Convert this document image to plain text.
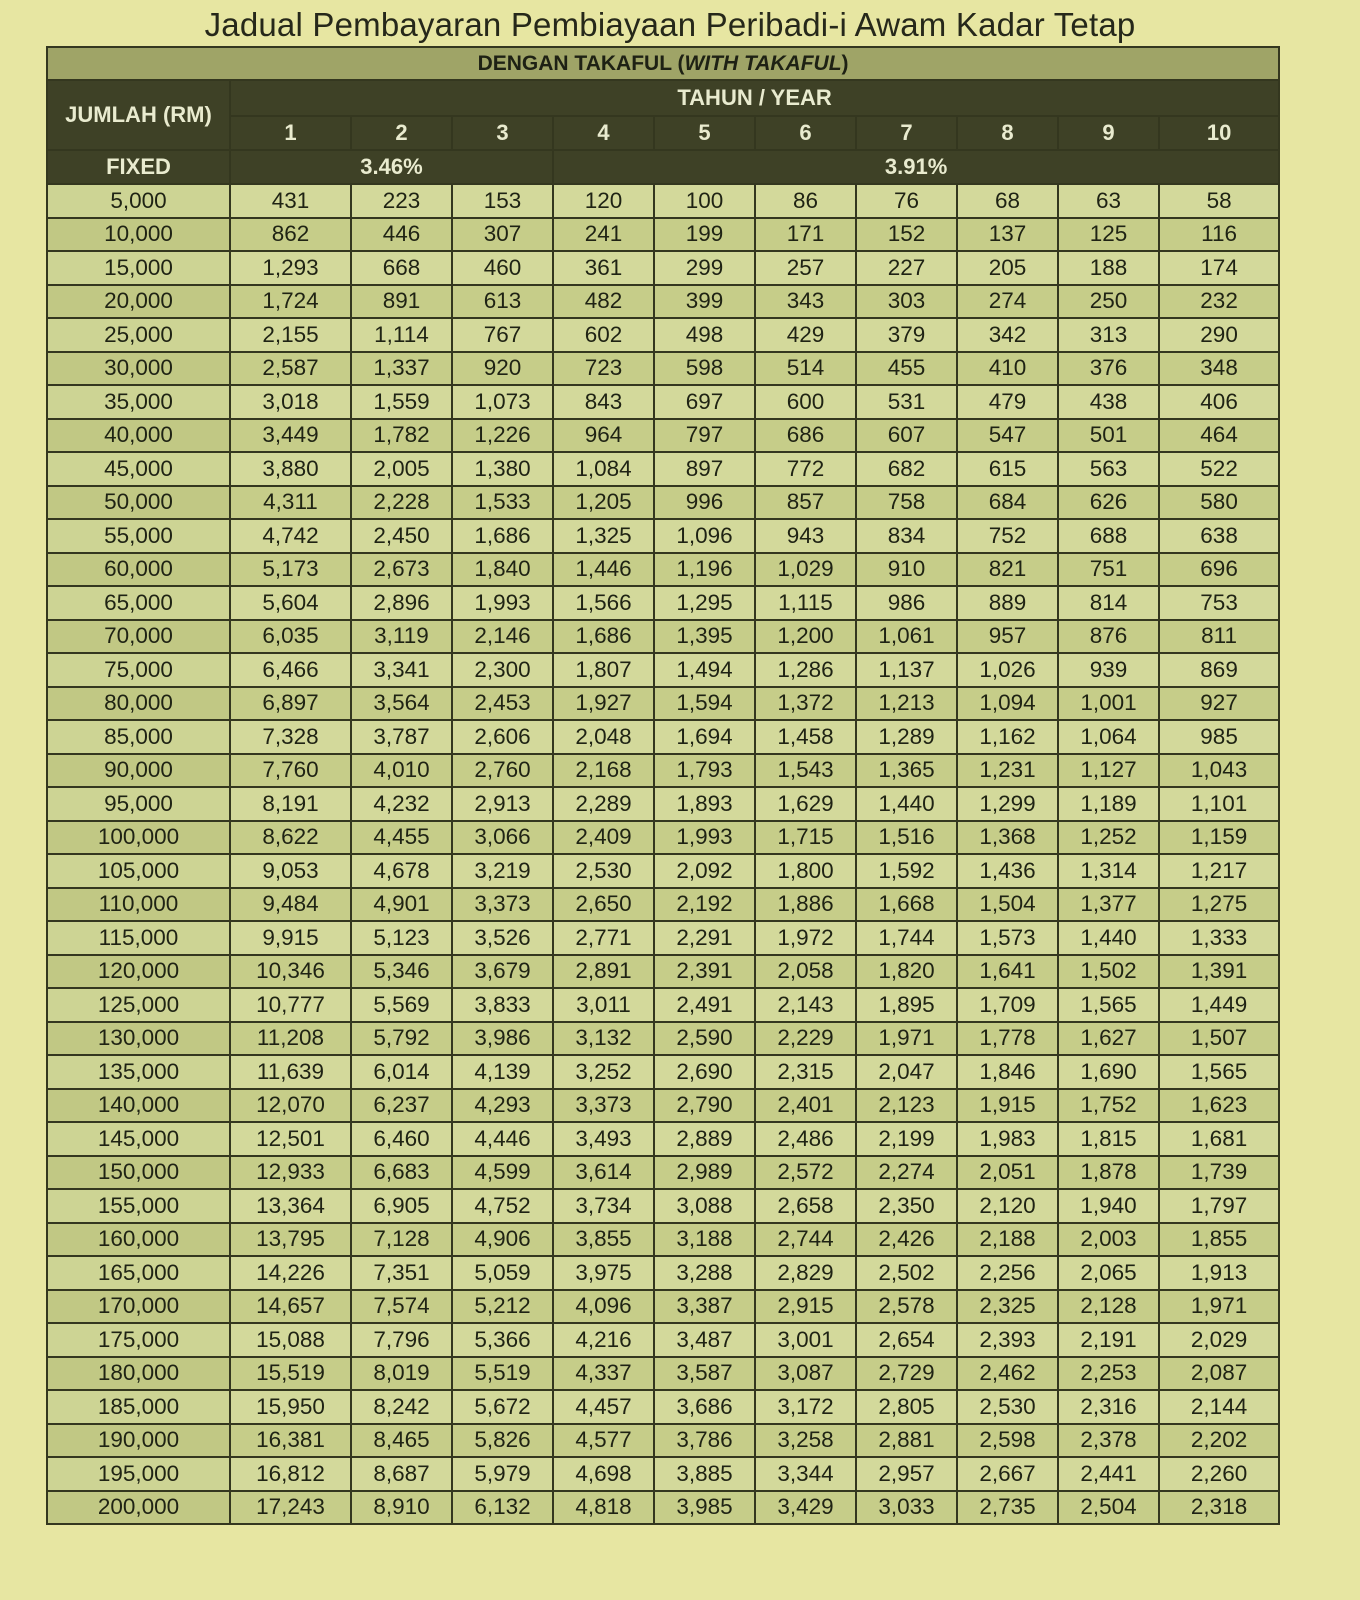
Jadual Pembayaran Pembiayaan Peribadi-i Awam Kadar Tetap
DENGAN TAKAFUL (WITH TAKAFUL)										
JUMLAH (RM)	TAHUN / YEAR									
	1	2	3	4	5	6	7	8	9	10
FIXED	3.46%			3.91%						
5,000	431	223	153	120	100	86	76	68	63	58
10,000	862	446	307	241	199	171	152	137	125	116
15,000	1,293	668	460	361	299	257	227	205	188	174
20,000	1,724	891	613	482	399	343	303	274	250	232
25,000	2,155	1,114	767	602	498	429	379	342	313	290
30,000	2,587	1,337	920	723	598	514	455	410	376	348
35,000	3,018	1,559	1,073	843	697	600	531	479	438	406
40,000	3,449	1,782	1,226	964	797	686	607	547	501	464
45,000	3,880	2,005	1,380	1,084	897	772	682	615	563	522
50,000	4,311	2,228	1,533	1,205	996	857	758	684	626	580
55,000	4,742	2,450	1,686	1,325	1,096	943	834	752	688	638
60,000	5,173	2,673	1,840	1,446	1,196	1,029	910	821	751	696
65,000	5,604	2,896	1,993	1,566	1,295	1,115	986	889	814	753
70,000	6,035	3,119	2,146	1,686	1,395	1,200	1,061	957	876	811
75,000	6,466	3,341	2,300	1,807	1,494	1,286	1,137	1,026	939	869
80,000	6,897	3,564	2,453	1,927	1,594	1,372	1,213	1,094	1,001	927
85,000	7,328	3,787	2,606	2,048	1,694	1,458	1,289	1,162	1,064	985
90,000	7,760	4,010	2,760	2,168	1,793	1,543	1,365	1,231	1,127	1,043
95,000	8,191	4,232	2,913	2,289	1,893	1,629	1,440	1,299	1,189	1,101
100,000	8,622	4,455	3,066	2,409	1,993	1,715	1,516	1,368	1,252	1,159
105,000	9,053	4,678	3,219	2,530	2,092	1,800	1,592	1,436	1,314	1,217
110,000	9,484	4,901	3,373	2,650	2,192	1,886	1,668	1,504	1,377	1,275
115,000	9,915	5,123	3,526	2,771	2,291	1,972	1,744	1,573	1,440	1,333
120,000	10,346	5,346	3,679	2,891	2,391	2,058	1,820	1,641	1,502	1,391
125,000	10,777	5,569	3,833	3,011	2,491	2,143	1,895	1,709	1,565	1,449
130,000	11,208	5,792	3,986	3,132	2,590	2,229	1,971	1,778	1,627	1,507
135,000	11,639	6,014	4,139	3,252	2,690	2,315	2,047	1,846	1,690	1,565
140,000	12,070	6,237	4,293	3,373	2,790	2,401	2,123	1,915	1,752	1,623
145,000	12,501	6,460	4,446	3,493	2,889	2,486	2,199	1,983	1,815	1,681
150,000	12,933	6,683	4,599	3,614	2,989	2,572	2,274	2,051	1,878	1,739
155,000	13,364	6,905	4,752	3,734	3,088	2,658	2,350	2,120	1,940	1,797
160,000	13,795	7,128	4,906	3,855	3,188	2,744	2,426	2,188	2,003	1,855
165,000	14,226	7,351	5,059	3,975	3,288	2,829	2,502	2,256	2,065	1,913
170,000	14,657	7,574	5,212	4,096	3,387	2,915	2,578	2,325	2,128	1,971
175,000	15,088	7,796	5,366	4,216	3,487	3,001	2,654	2,393	2,191	2,029
180,000	15,519	8,019	5,519	4,337	3,587	3,087	2,729	2,462	2,253	2,087
185,000	15,950	8,242	5,672	4,457	3,686	3,172	2,805	2,530	2,316	2,144
190,000	16,381	8,465	5,826	4,577	3,786	3,258	2,881	2,598	2,378	2,202
195,000	16,812	8,687	5,979	4,698	3,885	3,344	2,957	2,667	2,441	2,260
200,000	17,243	8,910	6,132	4,818	3,985	3,429	3,033	2,735	2,504	2,318
